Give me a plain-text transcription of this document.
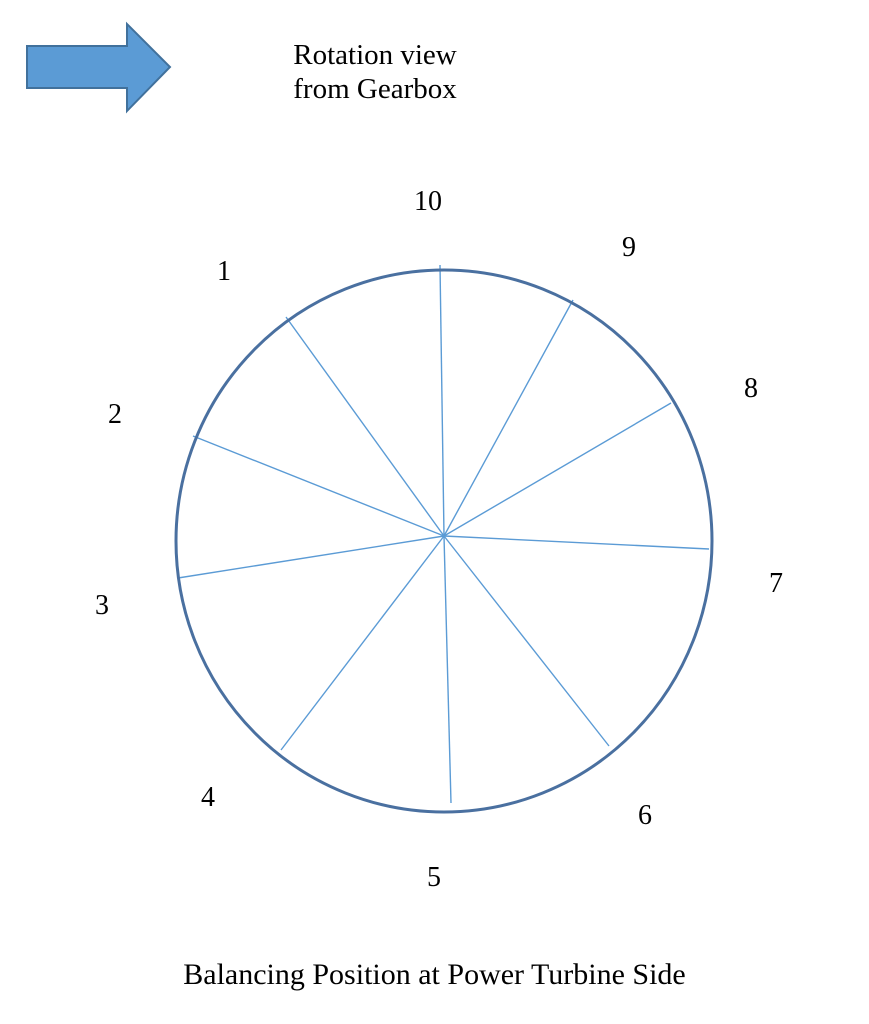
1
2
3
4
5
6
7
8
9
10
Rotation view
from Gearbox
Balancing Position at Power Turbine Side
